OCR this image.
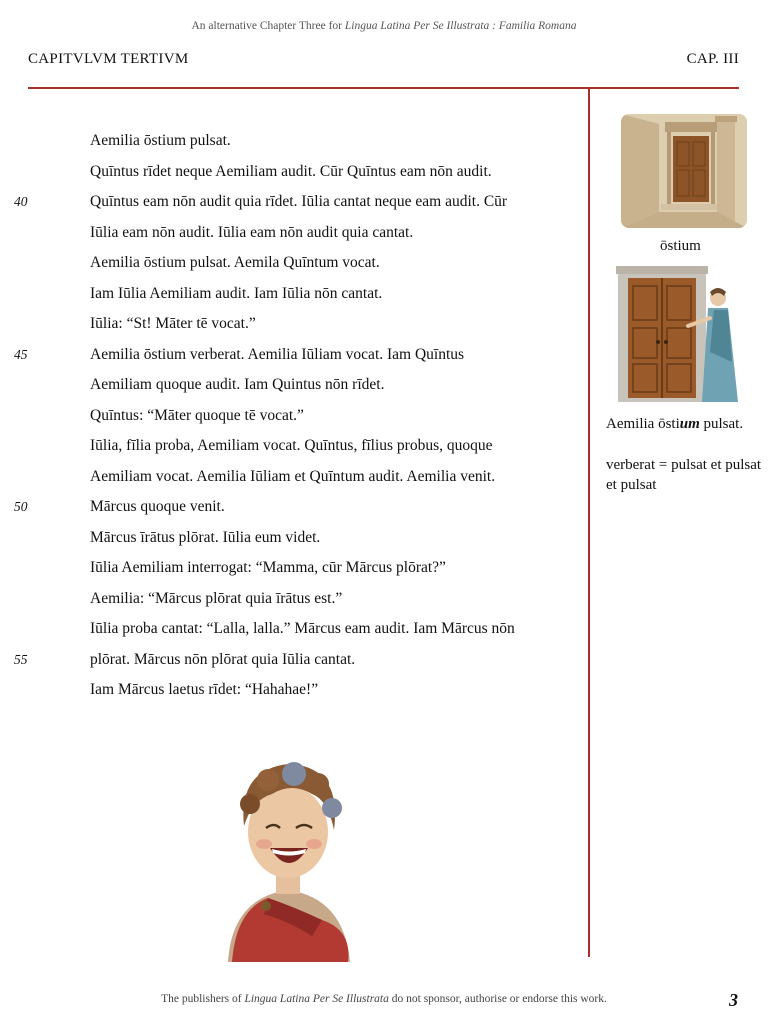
An alternative Chapter Three for Lingua Latina Per Se Illustrata : Familia Romana
CAPITVLVM TERTIVM	CAP. III
Aemilia ōstium pulsat.
Quīntus rīdet neque Aemiliam audit. Cūr Quīntus eam nōn audit.
40	Quīntus eam nōn audit quia rīdet. Iūlia cantat neque eam audit. Cūr
Iūlia eam nōn audit. Iūlia eam nōn audit quia cantat.
Aemilia ōstium pulsat. Aemila Quīntum vocat.
Iam Iūlia Aemiliam audit. Iam Iūlia nōn cantat.
Iūlia: “St! Māter tē vocat.”
45	Aemilia ōstium verberat. Aemilia Iūliam vocat. Iam Quīntus
Aemiliam quoque audit. Iam Quintus nōn rīdet.
Quīntus: “Māter quoque tē vocat.”
Iūlia, fīlia proba, Aemiliam vocat. Quīntus, fīlius probus, quoque
Aemiliam vocat. Aemilia Iūliam et Quīntum audit. Aemilia venit.
50	Mārcus quoque venit.
Mārcus īrātus plōrat. Iūlia eum videt.
Iūlia Aemiliam interrogat: “Mamma, cūr Mārcus plōrat?”
Aemilia: “Mārcus plōrat quia īrātus est.”
Iūlia proba cantat: “Lalla, lalla.” Mārcus eam audit. Iam Mārcus nōn
55	plōrat. Mārcus nōn plōrat quia Iūlia cantat.
Iam Mārcus laetus rīdet: “Hahahae!”
ōstium
Aemilia ōstium pulsat.
verberat = pulsat et pulsat et pulsat
The publishers of Lingua Latina Per Se Illustrata do not sponsor, authorise or endorse this work.	3
